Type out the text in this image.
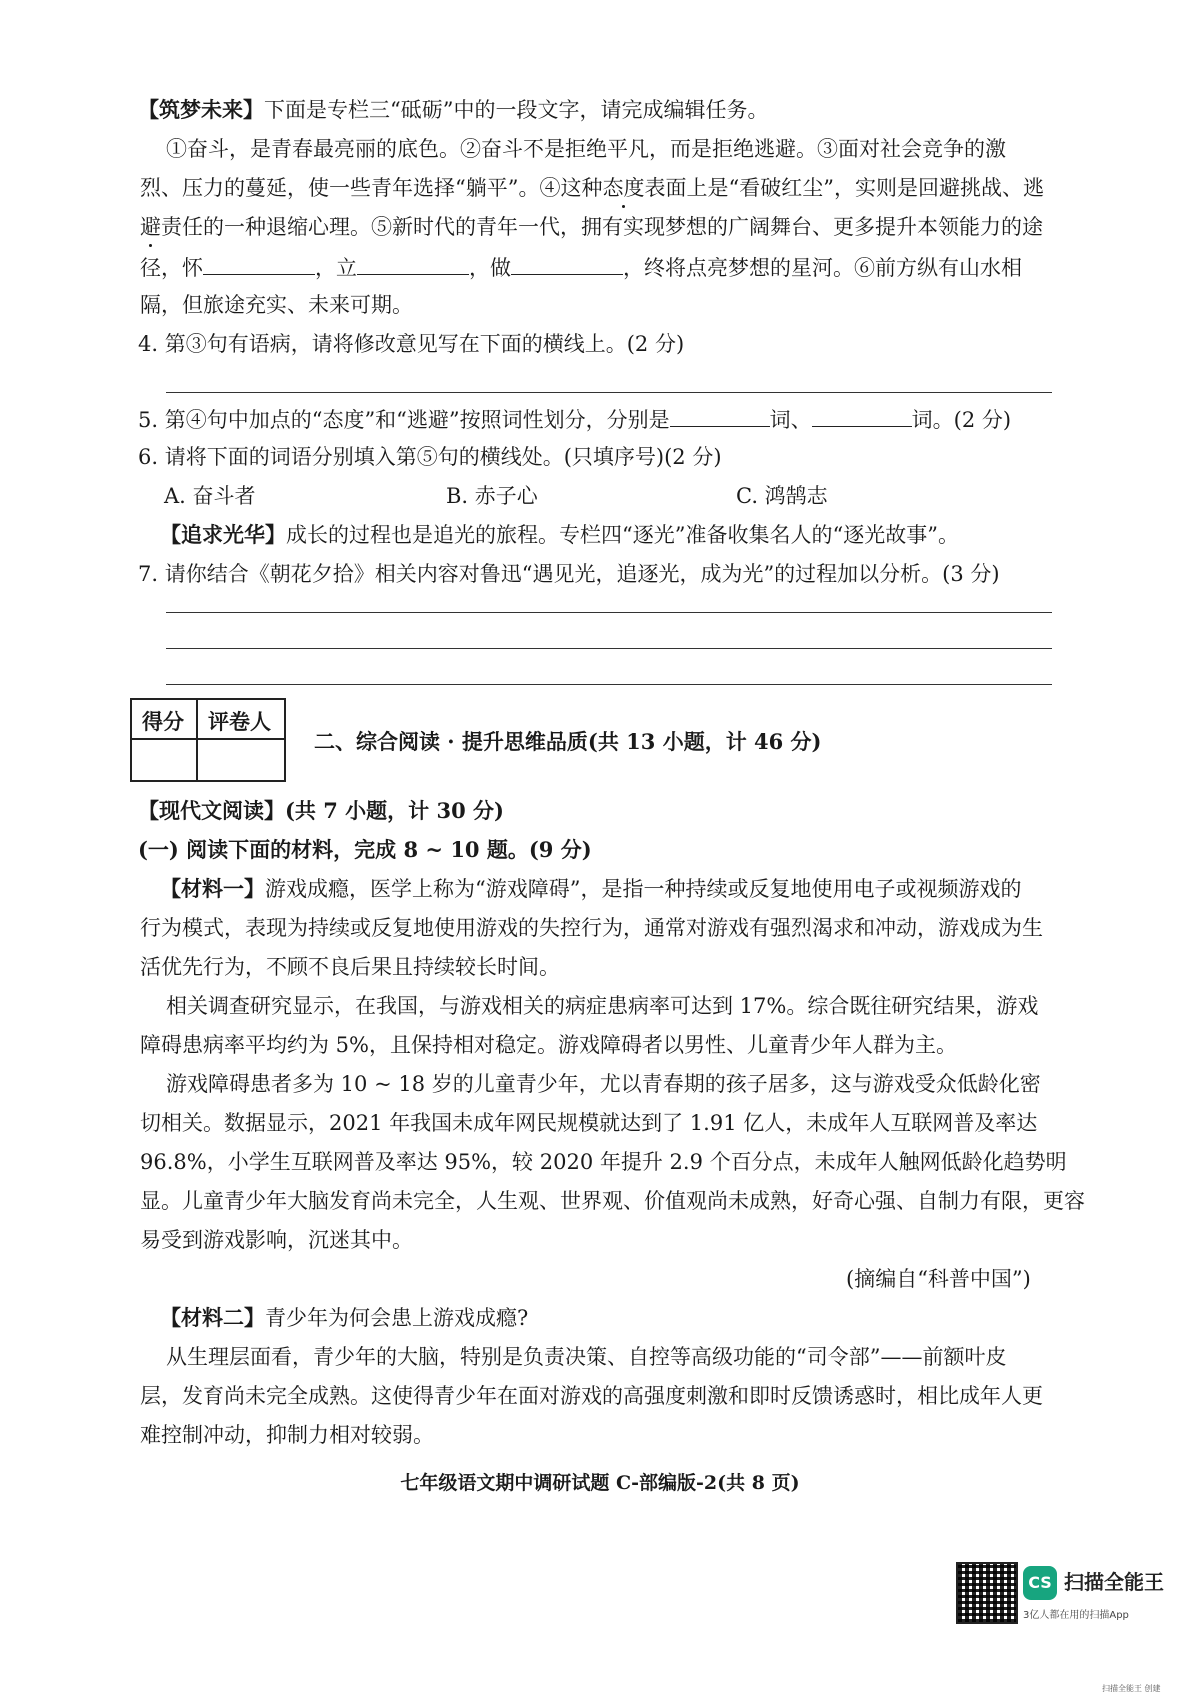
【筑梦未来】下面是专栏三“砥砺”中的一段文字，请完成编辑任务。
①奋斗，是青春最亮丽的底色。②奋斗不是拒绝平凡，而是拒绝逃避。③面对社会竞争的激
烈、压力的蔓延，使一些青年选择“躺平”。④这种态度表面上是“看破红尘”，实则是回避挑战、逃
避责任的一种退缩心理。⑤新时代的青年一代，拥有实现梦想的广阔舞台、更多提升本领能力的途
径，怀	，立	，做	，终将点亮梦想的星河。⑥前方纵有山水相
隔，但旅途充实、未来可期。
4. 第③句有语病，请将修改意见写在下面的横线上。(2 分)
5. 第④句中加点的“态度”和“逃避”按照词性划分，分别是	词、	词。(2 分)
6. 请将下面的词语分别填入第⑤句的横线处。(只填序号)(2 分)
A. 奋斗者	B. 赤子心	C. 鸿鹄志
【追求光华】成长的过程也是追光的旅程。专栏四“逐光”准备收集名人的“逐光故事”。
7. 请你结合《朝花夕拾》相关内容对鲁迅“遇见光，追逐光，成为光”的过程加以分析。(3 分)
得分 评卷人
二、综合阅读 · 提升思维品质(共 13 小题，计 46 分)
【现代文阅读】(共 7 小题，计 30 分)
(一) 阅读下面的材料，完成 8 ~ 10 题。(9 分)
【材料一】游戏成瘾，医学上称为“游戏障碍”，是指一种持续或反复地使用电子或视频游戏的
行为模式，表现为持续或反复地使用游戏的失控行为，通常对游戏有强烈渴求和冲动，游戏成为生
活优先行为，不顾不良后果且持续较长时间。
相关调查研究显示，在我国，与游戏相关的病症患病率可达到 17%。综合既往研究结果，游戏
障碍患病率平均约为 5%，且保持相对稳定。游戏障碍者以男性、儿童青少年人群为主。
游戏障碍患者多为 10 ~ 18 岁的儿童青少年，尤以青春期的孩子居多，这与游戏受众低龄化密
切相关。数据显示，2021 年我国未成年网民规模就达到了 1.91 亿人，未成年人互联网普及率达
96.8%，小学生互联网普及率达 95%，较 2020 年提升 2.9 个百分点，未成年人触网低龄化趋势明
显。儿童青少年大脑发育尚未完全，人生观、世界观、价值观尚未成熟，好奇心强、自制力有限，更容
易受到游戏影响，沉迷其中。
(摘编自“科普中国”)
【材料二】青少年为何会患上游戏成瘾?
从生理层面看，青少年的大脑，特别是负责决策、自控等高级功能的“司令部”——前额叶皮
层，发育尚未完全成熟。这使得青少年在面对游戏的高强度刺激和即时反馈诱惑时，相比成年人更
难控制冲动，抑制力相对较弱。
七年级语文期中调研试题 C-部编版-2(共 8 页)
CS 扫描全能王
3亿人都在用的扫描App
扫描全能王 创建
